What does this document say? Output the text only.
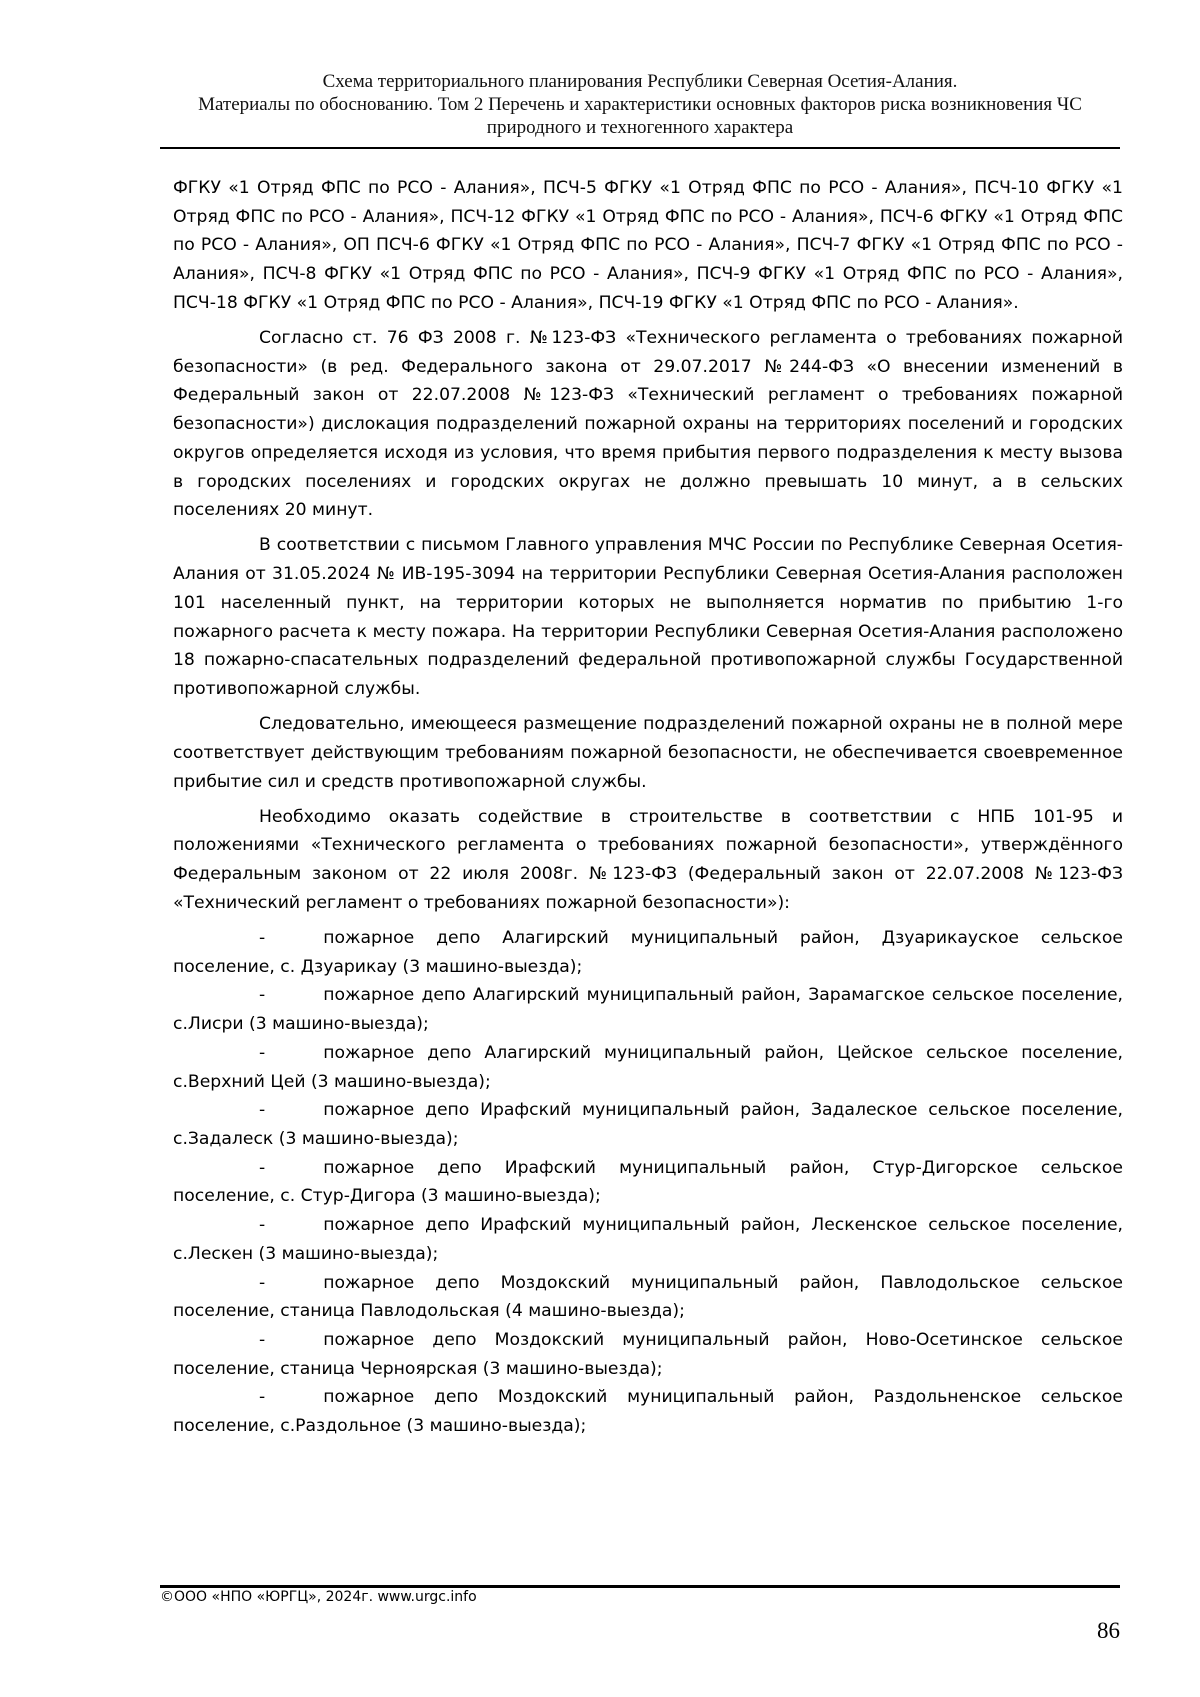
Схема территориального планирования Республики Северная Осетия-Алания.
Материалы по обоснованию. Том 2 Перечень и характеристики основных факторов риска возникновения ЧС
природного и техногенного характера

ФГКУ «1 Отряд ФПС по РСО - Алания», ПСЧ-5 ФГКУ «1 Отряд ФПС по РСО - Алания», ПСЧ-10 ФГКУ «1 Отряд ФПС по РСО - Алания», ПСЧ-12 ФГКУ «1 Отряд ФПС по РСО - Алания», ПСЧ-6 ФГКУ «1 Отряд ФПС по РСО - Алания», ОП ПСЧ-6 ФГКУ «1 Отряд ФПС по РСО - Алания», ПСЧ-7 ФГКУ «1 Отряд ФПС по РСО - Алания», ПСЧ-8 ФГКУ «1 Отряд ФПС по РСО - Алания», ПСЧ-9 ФГКУ «1 Отряд ФПС по РСО - Алания», ПСЧ-18 ФГКУ «1 Отряд ФПС по РСО - Алания», ПСЧ-19 ФГКУ «1 Отряд ФПС по РСО - Алания».

Согласно ст. 76 ФЗ 2008 г. №123-ФЗ «Технического регламента о требованиях пожарной безопасности» (в ред. Федерального закона от 29.07.2017 №244-ФЗ «О внесении изменений в Федеральный закон от 22.07.2008 №123-ФЗ «Технический регламент о требованиях пожарной безопасности») дислокация подразделений пожарной охраны на территориях поселений и городских округов определяется исходя из условия, что время прибытия первого подразделения к месту вызова в городских поселениях и городских округах не должно превышать 10 минут, а в сельских поселениях 20 минут.

В соответствии с письмом Главного управления МЧС России по Республике Северная Осетия-Алания от 31.05.2024 № ИВ-195-3094 на территории Республики Северная Осетия-Алания расположен 101 населенный пункт, на территории которых не выполняется норматив по прибытию 1-го пожарного расчета к месту пожара. На территории Республики Северная Осетия-Алания расположено 18 пожарно-спасательных подразделений федеральной противопожарной службы Государственной противопожарной службы.

Следовательно, имеющееся размещение подразделений пожарной охраны не в полной мере соответствует действующим требованиям пожарной безопасности, не обеспечивается своевременное прибытие сил и средств противопожарной службы.

Необходимо оказать содействие в строительстве в соответствии с НПБ 101-95 и положениями «Технического регламента о требованиях пожарной безопасности», утверждённого Федеральным законом от 22 июля 2008г. №123-ФЗ (Федеральный закон от 22.07.2008 №123-ФЗ «Технический регламент о требованиях пожарной безопасности»):

-	пожарное депо Алагирский муниципальный район, Дзуарикауское сельское поселение, с. Дзуарикау (3 машино-выезда);
-	пожарное депо Алагирский муниципальный район, Зарамагское сельское поселение, с.Лисри (3 машино-выезда);
-	пожарное депо Алагирский муниципальный район, Цейское сельское поселение, с.Верхний Цей (3 машино-выезда);
-	пожарное депо Ирафский муниципальный район, Задалеское сельское поселение, с.Задалеск (3 машино-выезда);
-	пожарное депо Ирафский муниципальный район, Стур-Дигорское сельское поселение, с. Стур-Дигора (3 машино-выезда);
-	пожарное депо Ирафский муниципальный район, Лескенское сельское поселение, с.Лескен (3 машино-выезда);
-	пожарное депо Моздокский муниципальный район, Павлодольское сельское поселение, станица Павлодольская (4 машино-выезда);
-	пожарное депо Моздокский муниципальный район, Ново-Осетинское сельское поселение, станица Черноярская (3 машино-выезда);
-	пожарное депо Моздокский муниципальный район, Раздольненское сельское поселение, с.Раздольное (3 машино-выезда);
©ООО «НПО «ЮРГЦ», 2024г. www.urgc.info
86
